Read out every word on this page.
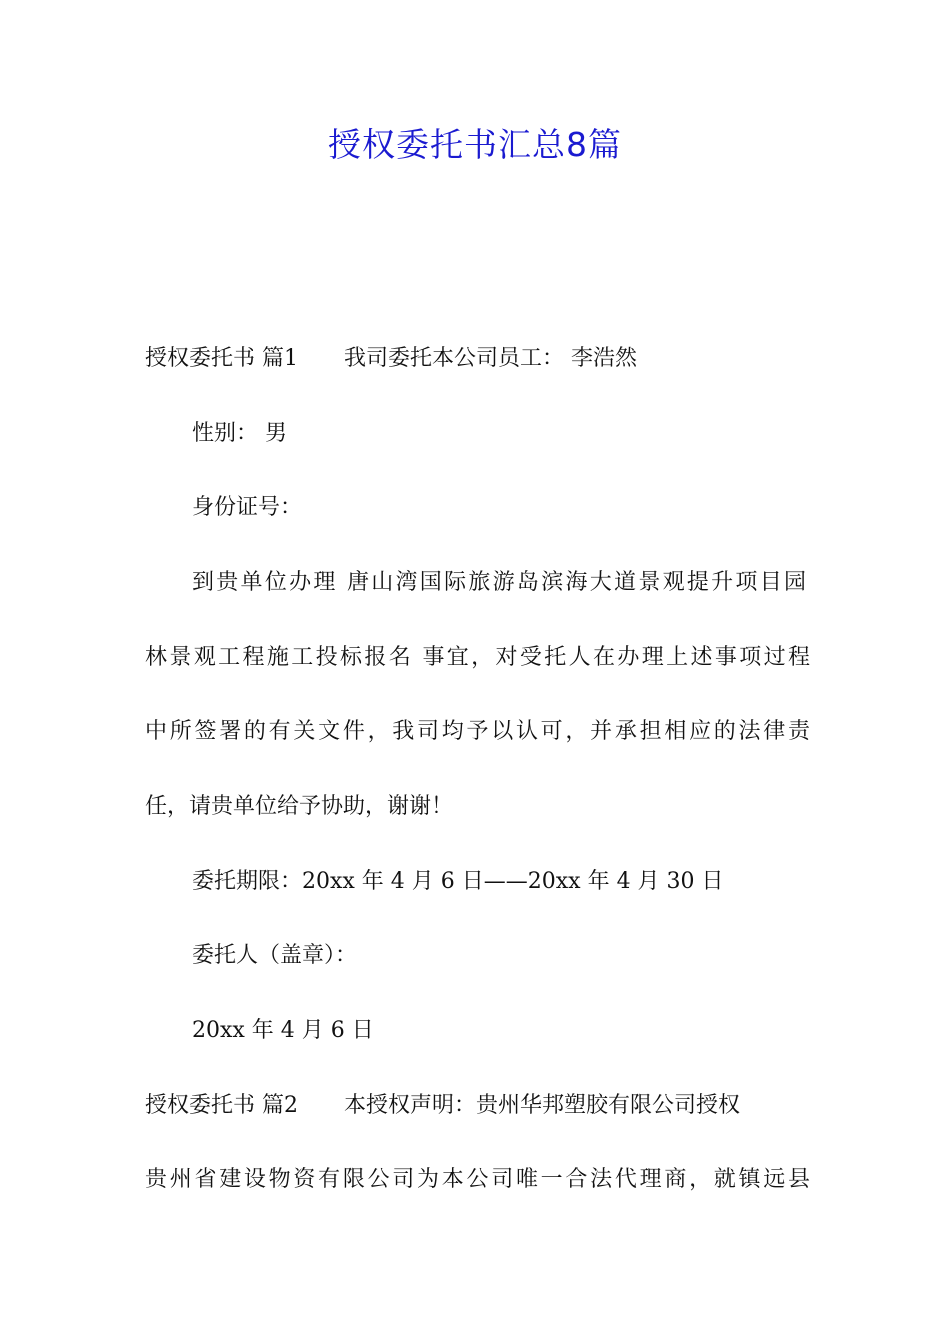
授权委托书汇总8篇
授权委托书 篇1 我司委托本公司员工： 李浩然
性别： 男
身份证号：
到贵单位办理 唐山湾国际旅游岛滨海大道景观提升项目园
林景观工程施工投标报名 事宜，对受托人在办理上述事项过程
中所签署的有关文件，我司均予以认可，并承担相应的法律责
任，请贵单位给予协助，谢谢！
委托期限：20xx 年 4 月 6 日——20xx 年 4 月 30 日
委托人（盖章）：
20xx 年 4 月 6 日
授权委托书 篇2 本授权声明：贵州华邦塑胶有限公司授权
贵州省建设物资有限公司为本公司唯一合法代理商，就镇远县
